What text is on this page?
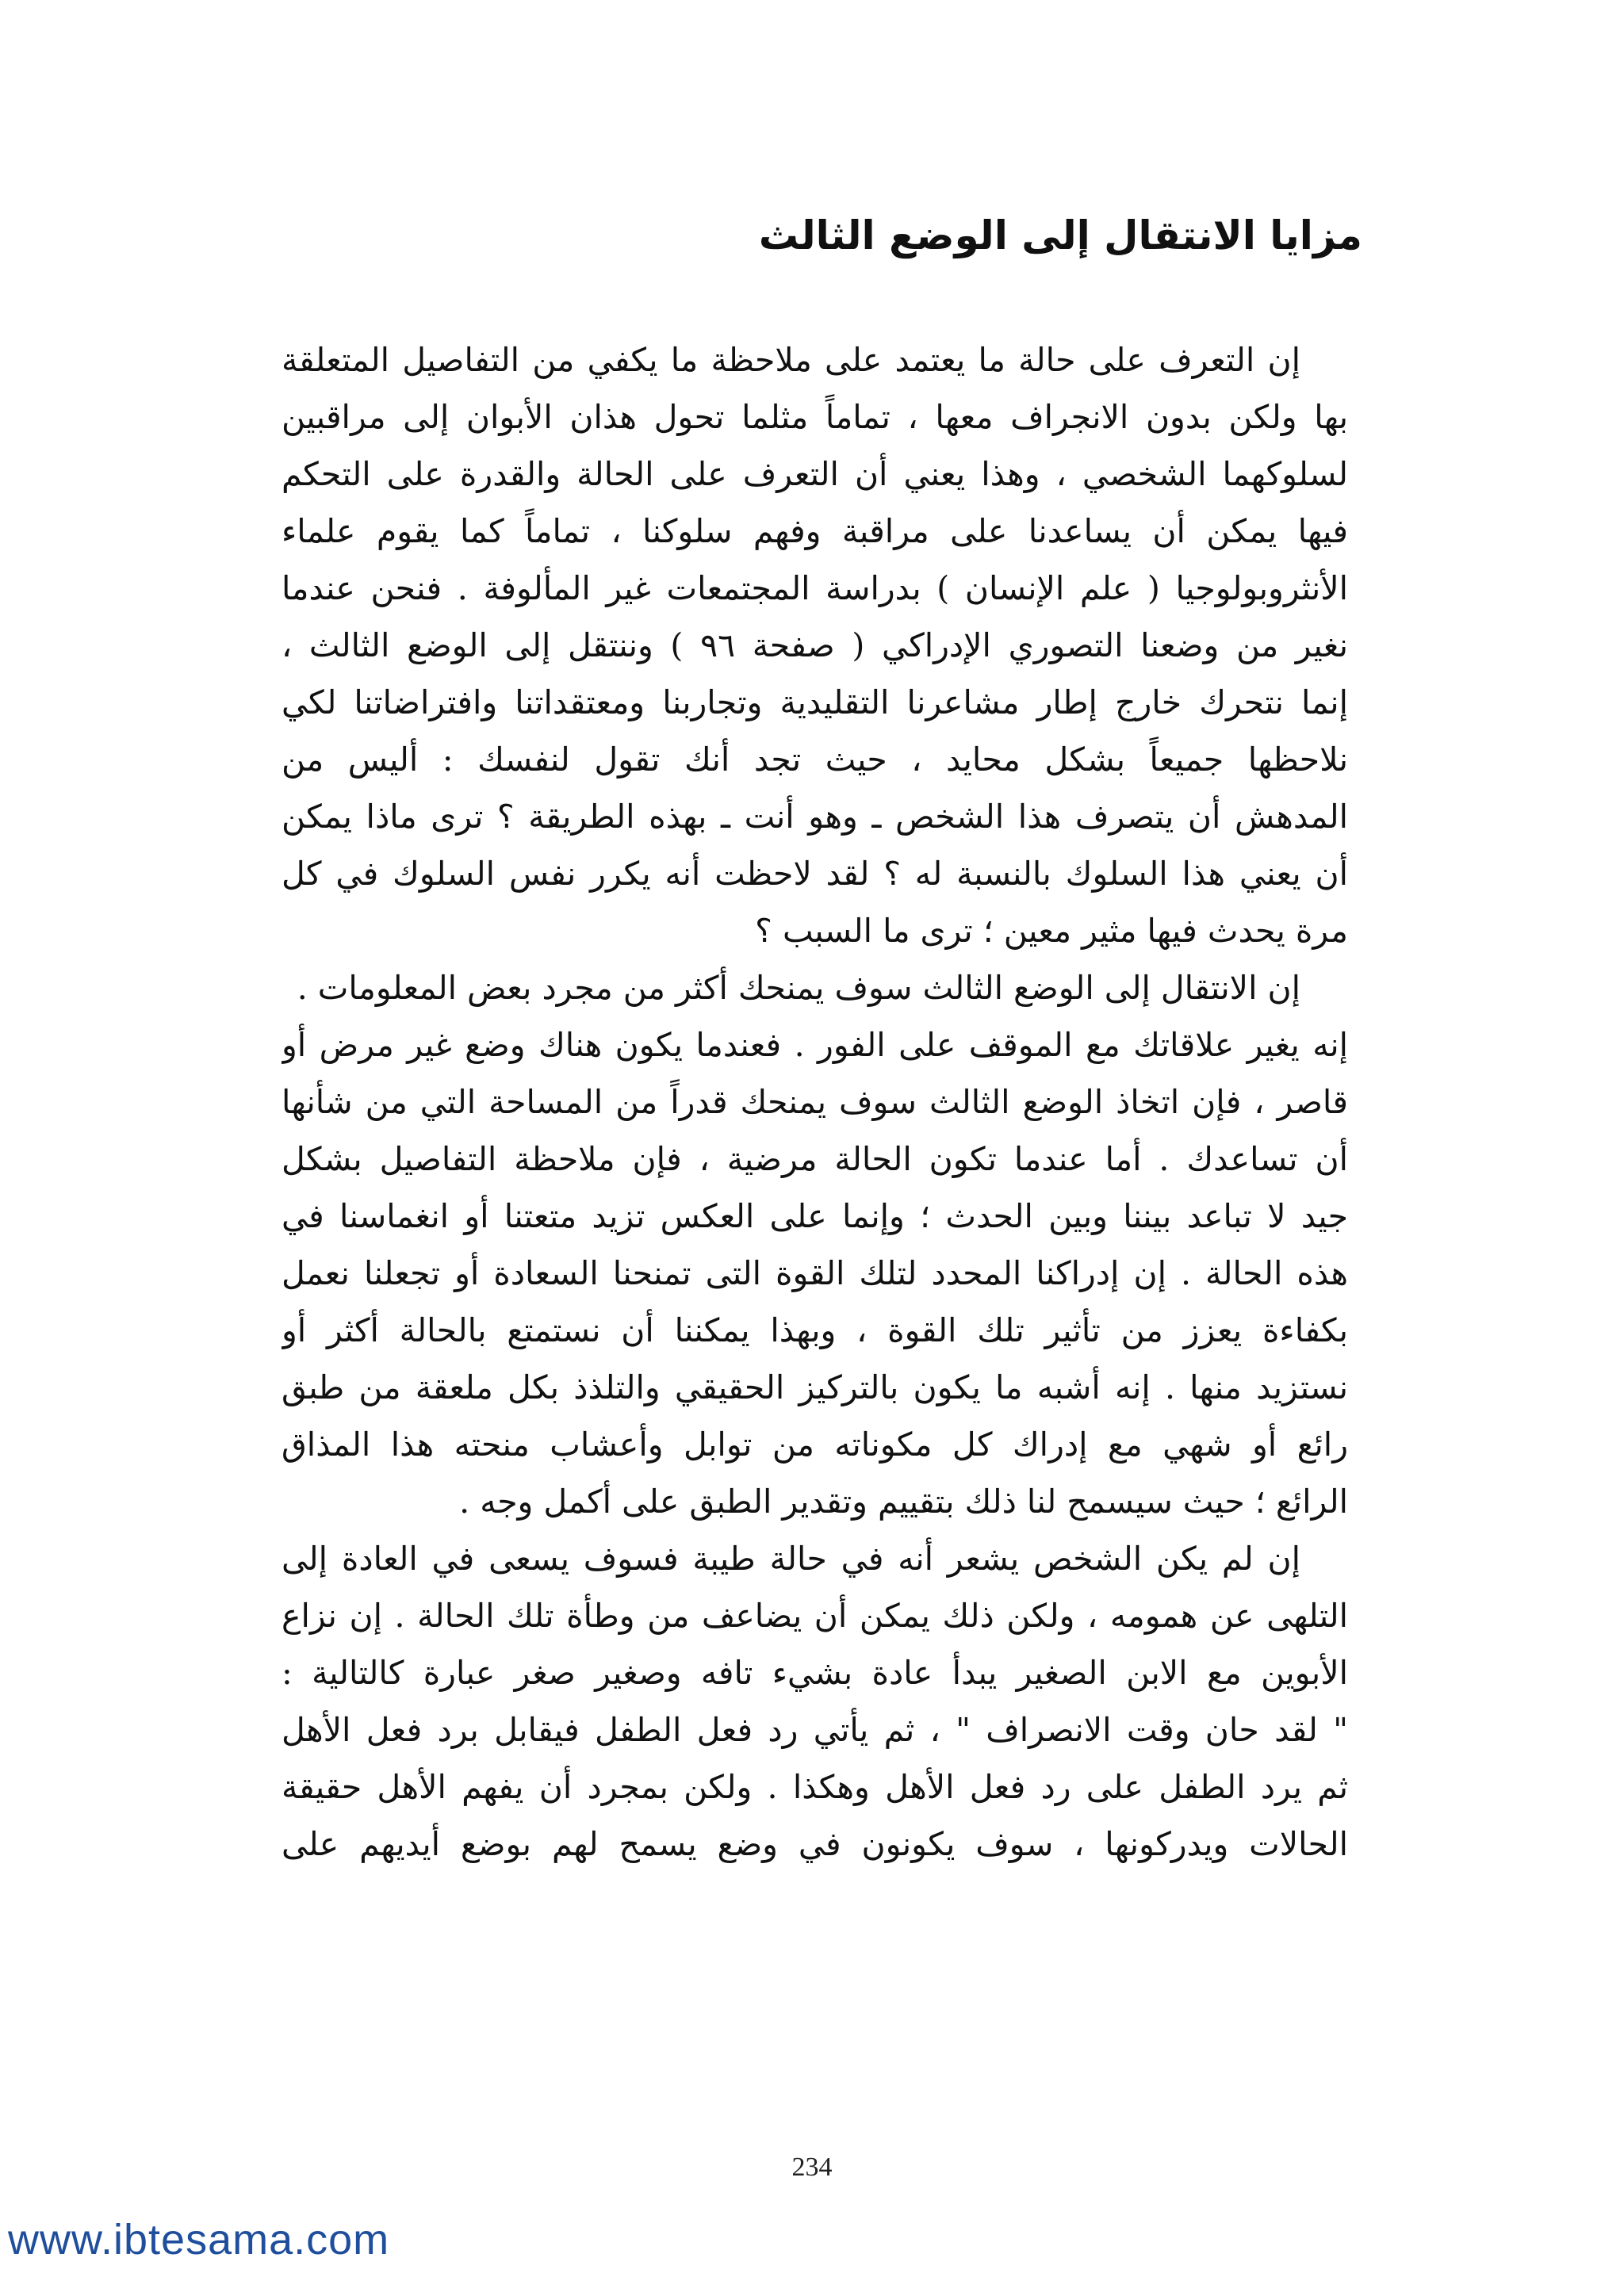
مزايا الانتقال إلى الوضع الثالث
إن التعرف على حالة ما يعتمد على ملاحظة ما يكفي من التفاصيل المتعلقة
بها ولكن بدون الانجراف معها ، تماماً مثلما تحول هذان الأبوان إلى مراقبين
لسلوكهما الشخصي ، وهذا يعني أن التعرف على الحالة والقدرة على التحكم
فيها يمكن أن يساعدنا على مراقبة وفهم سلوكنا ، تماماً كما يقوم علماء
الأنثروبولوجيا ( علم الإنسان ) بدراسة المجتمعات غير المألوفة . فنحن عندما
نغير من وضعنا التصوري الإدراكي ( صفحة ٩٦ ) وننتقل إلى الوضع الثالث ،
إنما نتحرك خارج إطار مشاعرنا التقليدية وتجاربنا ومعتقداتنا وافتراضاتنا لكي
نلاحظها جميعاً بشكل محايد ، حيث تجد أنك تقول لنفسك : أليس من
المدهش أن يتصرف هذا الشخص ـ وهو أنت ـ بهذه الطريقة ؟ ترى ماذا يمكن
أن يعني هذا السلوك بالنسبة له ؟ لقد لاحظت أنه يكرر نفس السلوك في كل
مرة يحدث فيها مثير معين ؛ ترى ما السبب ؟
إن الانتقال إلى الوضع الثالث سوف يمنحك أكثر من مجرد بعض المعلومات .
إنه يغير علاقاتك مع الموقف على الفور . فعندما يكون هناك وضع غير مرض أو
قاصر ، فإن اتخاذ الوضع الثالث سوف يمنحك قدراً من المساحة التي من شأنها
أن تساعدك . أما عندما تكون الحالة مرضية ، فإن ملاحظة التفاصيل بشكل
جيد لا تباعد بيننا وبين الحدث ؛ وإنما على العكس تزيد متعتنا أو انغماسنا في
هذه الحالة . إن إدراكنا المحدد لتلك القوة التى تمنحنا السعادة أو تجعلنا نعمل
بكفاءة يعزز من تأثير تلك القوة ، وبهذا يمكننا أن نستمتع بالحالة أكثر أو
نستزيد منها . إنه أشبه ما يكون بالتركيز الحقيقي والتلذذ بكل ملعقة من طبق
رائع أو شهي مع إدراك كل مكوناته من توابل وأعشاب منحته هذا المذاق
الرائع ؛ حيث سيسمح لنا ذلك بتقييم وتقدير الطبق على أكمل وجه .
إن لم يكن الشخص يشعر أنه في حالة طيبة فسوف يسعى في العادة إلى
التلهى عن همومه ، ولكن ذلك يمكن أن يضاعف من وطأة تلك الحالة . إن نزاع
الأبوين مع الابن الصغير يبدأ عادة بشيء تافه وصغير صغر عبارة كالتالية :
" لقد حان وقت الانصراف " ، ثم يأتي رد فعل الطفل فيقابل برد فعل الأهل
ثم يرد الطفل على رد فعل الأهل وهكذا . ولكن بمجرد أن يفهم الأهل حقيقة
الحالات ويدركونها ، سوف يكونون في وضع يسمح لهم بوضع أيديهم على
234
www.ibtesama.com
